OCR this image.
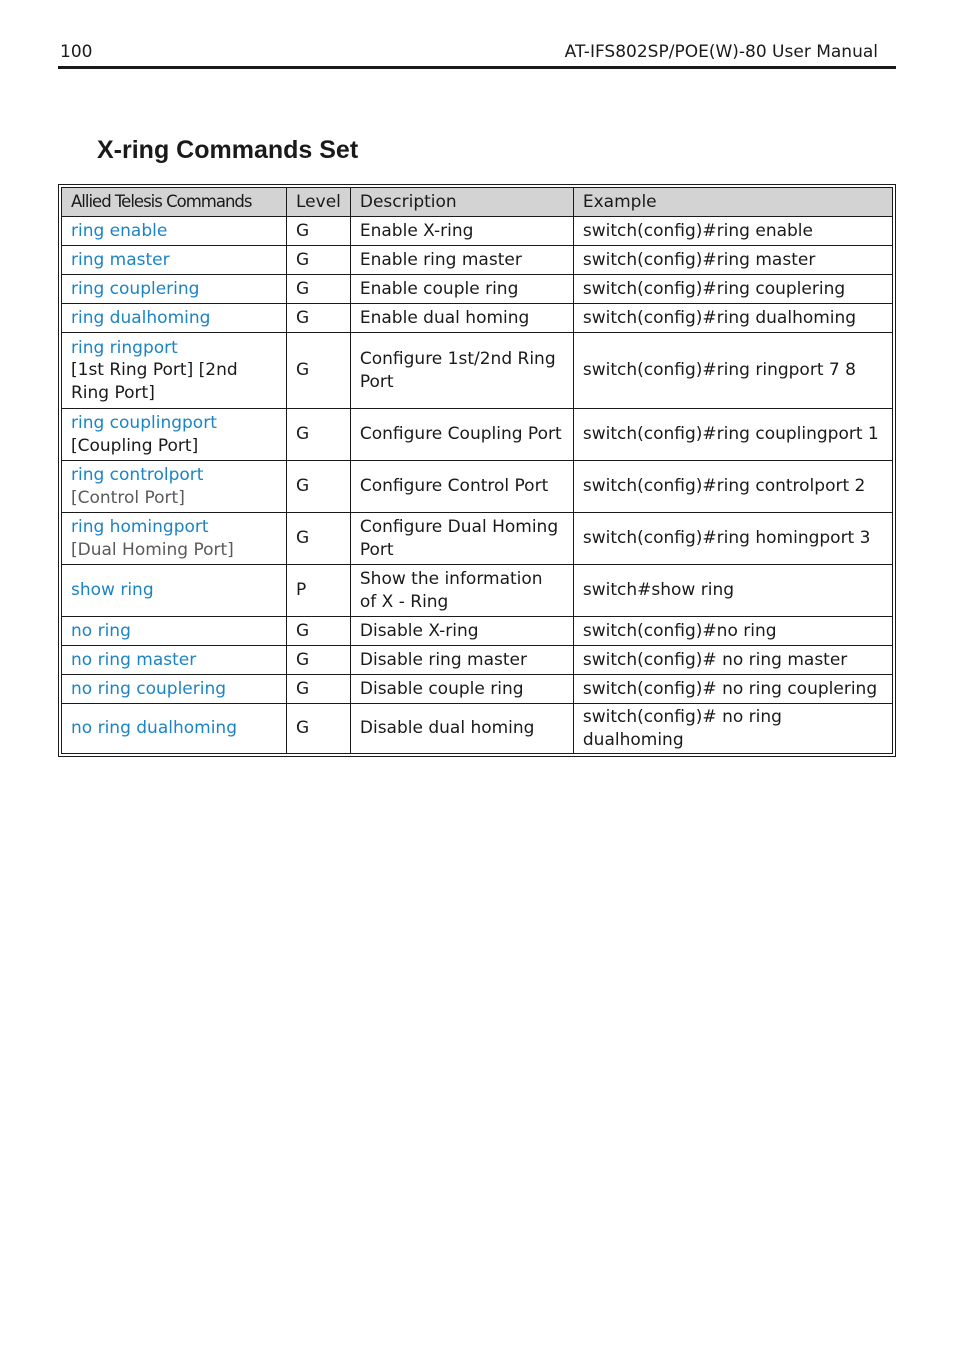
100	AT-IFS802SP/POE(W)-80 User Manual
X-ring Commands Set
Allied Telesis Commands	Level	Description	Example

ring enable	G	Enable X-ring	switch(config)#ring enable

ring master	G	Enable ring master	switch(config)#ring master

ring couplering	G	Enable couple ring	switch(config)#ring couplering

ring dualhoming	G	Enable dual homing	switch(config)#ring dualhoming

ring ringport
[1st Ring Port] [2nd Ring Port]	G	Configure 1st/2nd Ring Port	switch(config)#ring ringport 7 8

ring couplingport
[Coupling Port]	G	Configure Coupling Port	switch(config)#ring couplingport 1

ring controlport
[Control Port]	G	Configure Control Port	switch(config)#ring controlport 2

ring homingport
[Dual Homing Port]	G	Configure Dual Homing Port	switch(config)#ring homingport 3

show ring	P	Show the information of X - Ring	switch#show ring

no ring	G	Disable X-ring	switch(config)#no ring

no ring master	G	Disable ring master	switch(config)# no ring master

no ring couplering	G	Disable couple ring	switch(config)# no ring couplering

no ring dualhoming	G	Disable dual homing	switch(config)# no ring dualhoming
